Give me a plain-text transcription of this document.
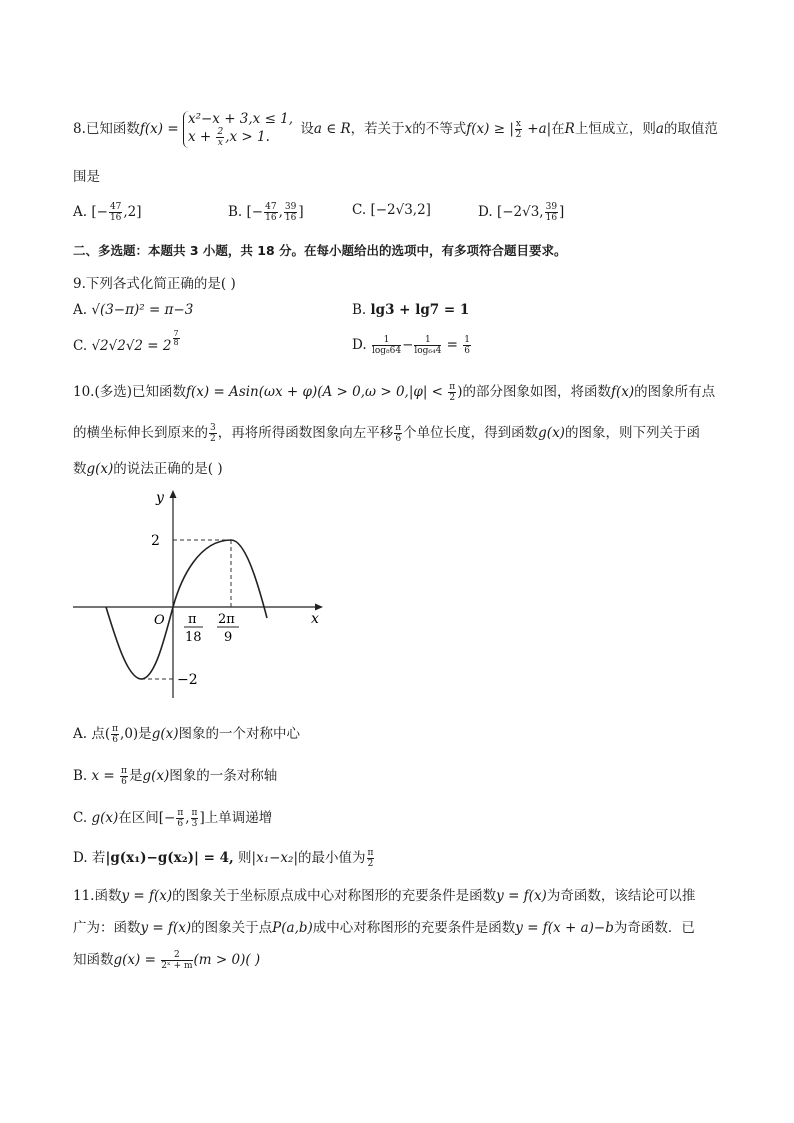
8.已知函数f(x) =
x²−x + 3,x ≤ 1,
$x + \frac{2}{x} ,x > 1$.	设a ∈ R，若关于x的不等式f(x) ≥ | $\frac{x}{2} +a|$在R上恒成立，则a的取值范
围是
A. [− $\frac{47}{16} ,2$]	B. [− $\frac{47}{16}$ , $\frac{39}{16}$ ]	C. [−2√3,2]	D. [−2√3, $\frac{39}{16}$ ]
二、多选题：本题共 3 小题，共 18 分。在每小题给出的选项中，有多项符合题目要求。
9.下列各式化简正确的是( )
A. √(3−π)² = π−3	B. lg3 + lg7 = 1
C. $√2√2√2 = 2 \frac{7}{8}$	D. $\frac{1}{\text{log₈64}} - \frac{1}{\text{log₆₄4}} = \frac{1}{6}$
10.(多选)已知函数$f(x) = Asin(\omega x + \varphi)(A > 0,\omega > 0,|\varphi| < \frac{\pi}{2}$ )的部分图象如图，将函数f(x)的图象所有点
的横坐标伸长到原来的 $\frac{3}{2}$ ，再将所得函数图象向左平移 $\frac{\pi}{6}$ 个单位长度，得到函数g(x)的图象，则下列关于函
数g(x)的说法正确的是( )
y
x
O
2
−2
π
18
2π
9
A. 点( $\frac{\pi}{6} ,0$)是g(x)图象的一个对称中心
B. $x = \frac{\pi}{6}$ 是g(x)图象的一条对称轴
C. g(x)在区间[− $\frac{\pi}{6}$ , $\frac{\pi}{3}$ ]上单调递增
D. 若|g(x₁)−g(x₂)| = 4, 则|x₁−x₂|的最小值为 $\frac{\pi}{2}$
11.函数y = f(x)的图象关于坐标原点成中心对称图形的充要条件是函数y = f(x)为奇函数，该结论可以推
广为：函数y = f(x)的图象关于点P(a,b)成中心对称图形的充要条件是函数y = f(x + a)−b为奇函数．已
知函数$g(x) = \frac{2}{\text{2ˣ + m}} (m > 0)$( )
